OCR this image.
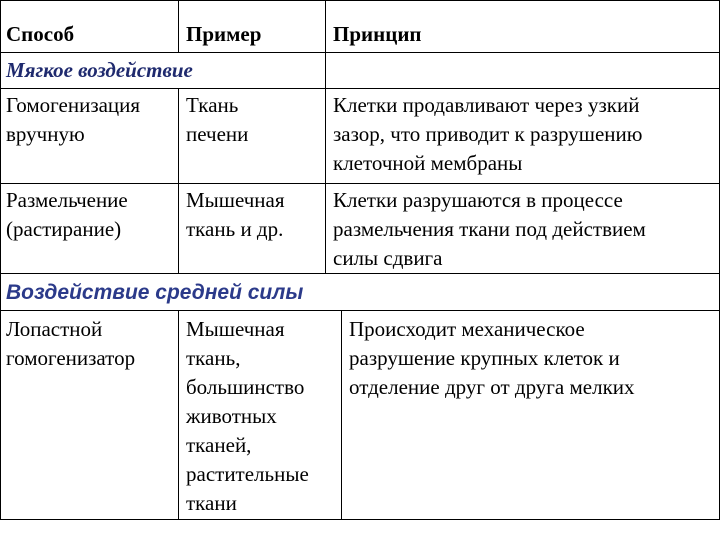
Способ	Пример	Принцип
Мягкое воздействие
Гомогенизация
вручную
Ткань
печени
Клетки продавливают через узкий
зазор, что приводит к разрушению
клеточной мембраны
Размельчение
(растирание)
Мышечная
ткань и др.
Клетки разрушаются в процессе
размельчения ткани под действием
силы сдвига
Воздействие средней силы
Лопастной
гомогенизатор
Мышечная
ткань,
большинство
животных
тканей,
растительные
ткани
Происходит механическое
разрушение крупных клеток и
отделение друг от друга мелких
